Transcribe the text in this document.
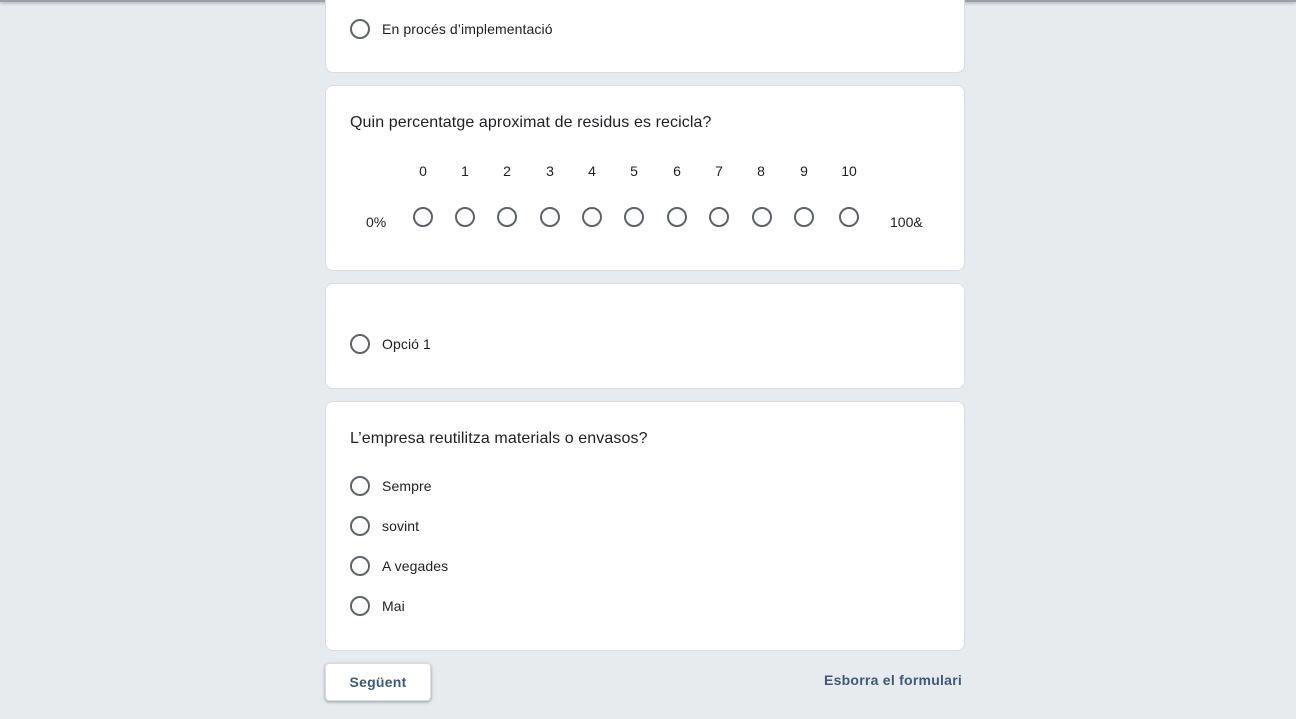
En procés d’implementació
Quin percentatge aproximat de residus es recicla?
0	1	2	3	4	5	6	7	8	9	10
0%	100&
Opció 1
L’empresa reutilitza materials o envasos?
Sempre
sovint
A vegades
Mai
Següent	Esborra el formulari
